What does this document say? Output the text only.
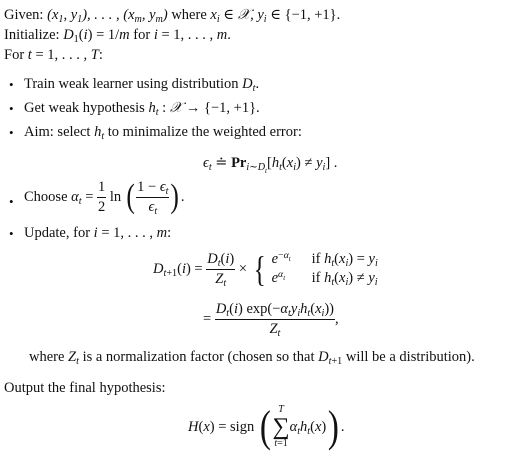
Given: ($x_1$, $y_1$), . . . , ($x_m$, $y_m$) where $x_i$ ∈ 𝒳, $y_i$ ∈ {−1, +1}.
Initialize: $D_1(i) = 1/m$ for i = 1, . . . , m.
For t = 1, . . . , T:
• Train weak learner using distribution $D_t$.
• Get weak hypothesis $h_t$ : 𝒳 → {−1, +1}.
• Aim: select $h_t$ to minimalize the weighted error:
$\epsilon_t$ ≐ $Pr_{i\sim D_t}[h_t(x_i) \ne y_i]$ .
• Choose $\alpha_t = \frac{1}{2}$ ln ( $\frac{1 - \epsilon_t}{\epsilon_t}$ ).
• Update, for i = 1, . . . , m:
$D_{t+1}(i) = \frac{D_t(i)}{Z_t}$ × { $e^{-\alpha_t}$ if $h_t(x_i) = y_i$
$e^{\alpha_t}$ if $h_t(x_i) \ne y_i$
= $\frac{D_t(i) \exp(-\alpha_ty_ih_t(x_i))}{Z_t}$ ,
where $Z_t$ is a normalization factor (chosen so that $D_{t+1}$ will be a distribution).
Output the final hypothesis:
H(x) = sign ( T
∑
t=1
$\alpha_th_t(x)$) .
